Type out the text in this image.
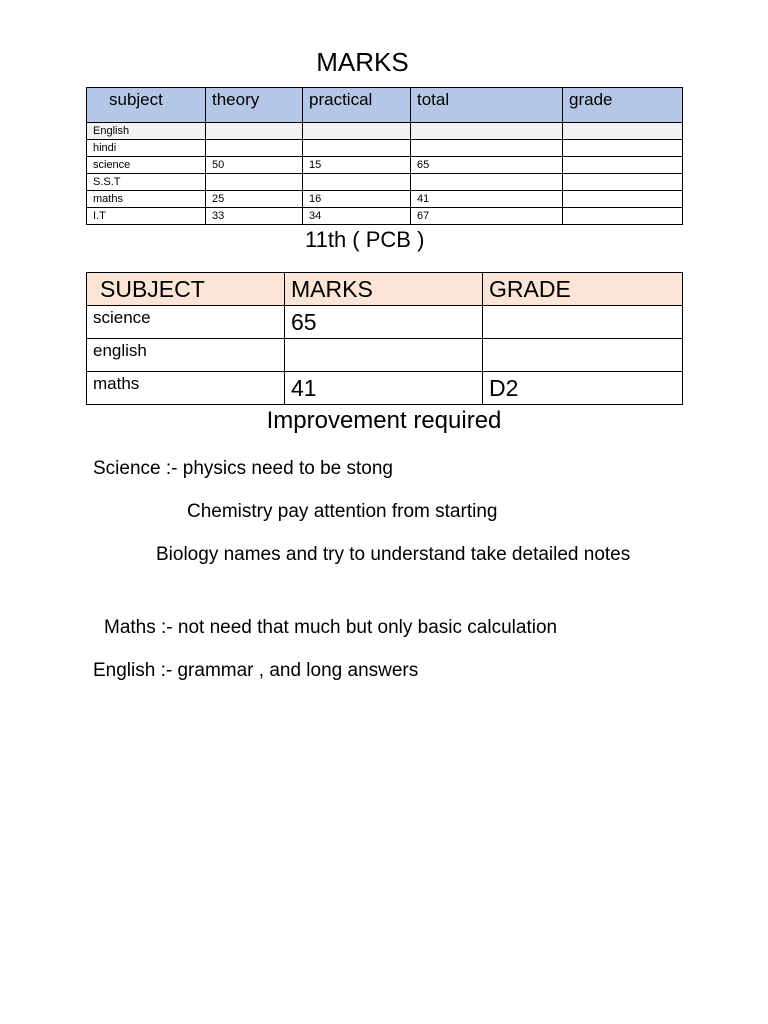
MARKS
subject	theory	practical	total	grade
English				
hindi				
science	50	15	65	
S.S.T				
maths	25	16	41	
I.T	33	34	67	
11th ( PCB )
SUBJECT	MARKS	GRADE
science	65	
english		
maths	41	D2
Improvement required
Science :- physics need to be stong
Chemistry pay attention from starting
Biology names and try to understand take detailed notes
Maths :- not need that much but only basic calculation
English :- grammar , and long answers
